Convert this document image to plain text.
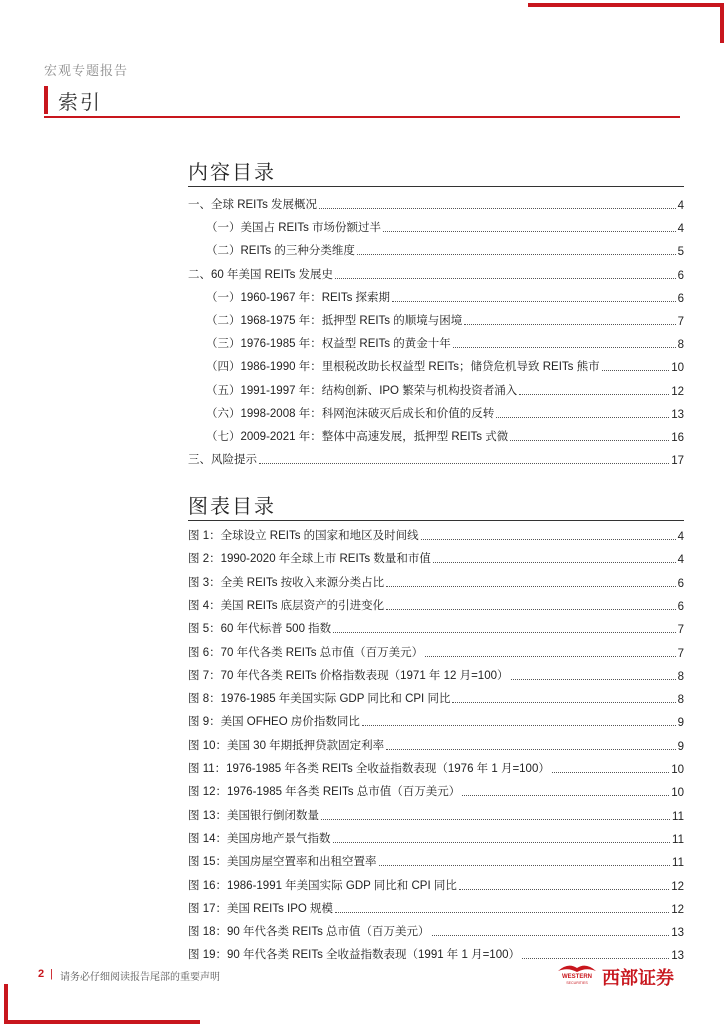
宏观专题报告
索引
内容目录
一、全球 REITs 发展概况	4
（一）美国占 REITs 市场份额过半	4
（二）REITs 的三种分类维度	5
二、60 年美国 REITs 发展史	6
（一）1960-1967 年：REITs 探索期	6
（二）1968-1975 年：抵押型 REITs 的顺境与困境	7
（三）1976-1985 年：权益型 REITs 的黄金十年	8
（四）1986-1990 年：里根税改助长权益型 REITs；储贷危机导致 REITs 熊市	10
（五）1991-1997 年：结构创新、IPO 繁荣与机构投资者涌入	12
（六）1998-2008 年：科网泡沫破灭后成长和价值的反转	13
（七）2009-2021 年：整体中高速发展，抵押型 REITs 式微	16
三、风险提示	17
图表目录
图 1：全球设立 REITs 的国家和地区及时间线	4
图 2：1990-2020 年全球上市 REITs 数量和市值	4
图 3：全美 REITs 按收入来源分类占比	6
图 4：美国 REITs 底层资产的引进变化	6
图 5：60 年代标普 500 指数	7
图 6：70 年代各类 REITs 总市值（百万美元）	7
图 7：70 年代各类 REITs 价格指数表现（1971 年 12 月=100）	8
图 8：1976-1985 年美国实际 GDP 同比和 CPI 同比	8
图 9：美国 OFHEO 房价指数同比	9
图 10：美国 30 年期抵押贷款固定利率	9
图 11：1976-1985 年各类 REITs 全收益指数表现（1976 年 1 月=100）	10
图 12：1976-1985 年各类 REITs 总市值（百万美元）	10
图 13：美国银行倒闭数量	11
图 14：美国房地产景气指数	11
图 15：美国房屋空置率和出租空置率	11
图 16：1986-1991 年美国实际 GDP 同比和 CPI 同比	12
图 17：美国 REITs IPO 规模	12
图 18：90 年代各类 REITs 总市值（百万美元）	13
图 19：90 年代各类 REITs 全收益指数表现（1991 年 1 月=100）	13
2 | 请务必仔细阅读报告尾部的重要声明	WESTERN
SECURITIES 西部证券
